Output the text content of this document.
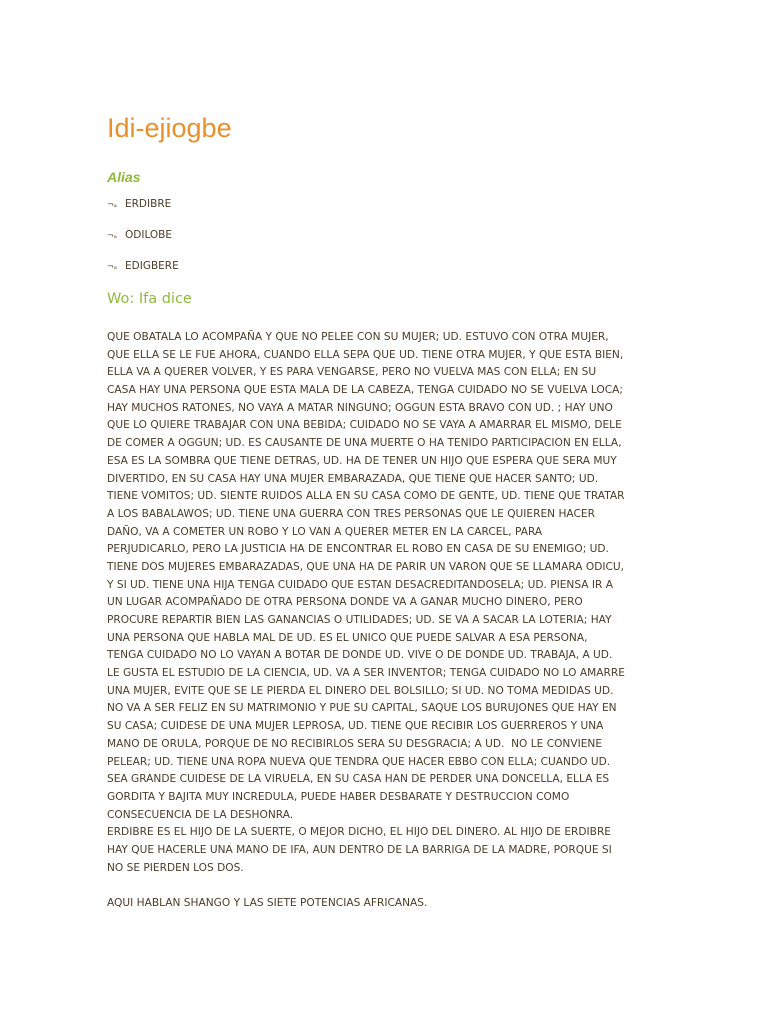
Idi-ejiogbe
Alias
¬ₐ ERDIBRE
¬ₐ ODILOBE
¬ₐ EDIGBERE
Wo: Ifa dice
QUE OBATALA LO ACOMPAÑA Y QUE NO PELEE CON SU MUJER; UD. ESTUVO CON OTRA MUJER,
QUE ELLA SE LE FUE AHORA, CUANDO ELLA SEPA QUE UD. TIENE OTRA MUJER, Y QUE ESTA BIEN,
ELLA VA A QUERER VOLVER, Y ES PARA VENGARSE, PERO NO VUELVA MAS CON ELLA; EN SU
CASA HAY UNA PERSONA QUE ESTA MALA DE LA CABEZA, TENGA CUIDADO NO SE VUELVA LOCA;
HAY MUCHOS RATONES, NO VAYA A MATAR NINGUNO; OGGUN ESTA BRAVO CON UD. ; HAY UNO
QUE LO QUIERE TRABAJAR CON UNA BEBIDA; CUIDADO NO SE VAYA A AMARRAR EL MISMO, DELE
DE COMER A OGGUN; UD. ES CAUSANTE DE UNA MUERTE O HA TENIDO PARTICIPACION EN ELLA,
ESA ES LA SOMBRA QUE TIENE DETRAS, UD. HA DE TENER UN HIJO QUE ESPERA QUE SERA MUY
DIVERTIDO, EN SU CASA HAY UNA MUJER EMBARAZADA, QUE TIENE QUE HACER SANTO; UD.
TIENE VOMITOS; UD. SIENTE RUIDOS ALLA EN SU CASA COMO DE GENTE, UD. TIENE QUE TRATAR
A LOS BABALAWOS; UD. TIENE UNA GUERRA CON TRES PERSONAS QUE LE QUIEREN HACER
DAÑO, VA A COMETER UN ROBO Y LO VAN A QUERER METER EN LA CARCEL, PARA
PERJUDICARLO, PERO LA JUSTICIA HA DE ENCONTRAR EL ROBO EN CASA DE SU ENEMIGO; UD.
TIENE DOS MUJERES EMBARAZADAS, QUE UNA HA DE PARIR UN VARON QUE SE LLAMARA ODICU,
Y SI UD. TIENE UNA HIJA TENGA CUIDADO QUE ESTAN DESACREDITANDOSELA; UD. PIENSA IR A
UN LUGAR ACOMPAÑADO DE OTRA PERSONA DONDE VA A GANAR MUCHO DINERO, PERO
PROCURE REPARTIR BIEN LAS GANANCIAS O UTILIDADES; UD. SE VA A SACAR LA LOTERIA; HAY
UNA PERSONA QUE HABLA MAL DE UD. ES EL UNICO QUE PUEDE SALVAR A ESA PERSONA,
TENGA CUIDADO NO LO VAYAN A BOTAR DE DONDE UD. VIVE O DE DONDE UD. TRABAJA, A UD.
LE GUSTA EL ESTUDIO DE LA CIENCIA, UD. VA A SER INVENTOR; TENGA CUIDADO NO LO AMARRE
UNA MUJER, EVITE QUE SE LE PIERDA EL DINERO DEL BOLSILLO; SI UD. NO TOMA MEDIDAS UD.
NO VA A SER FELIZ EN SU MATRIMONIO Y PUE SU CAPITAL, SAQUE LOS BURUJONES QUE HAY EN
SU CASA; CUIDESE DE UNA MUJER LEPROSA, UD. TIENE QUE RECIBIR LOS GUERREROS Y UNA
MANO DE ORULA, PORQUE DE NO RECIBIRLOS SERA SU DESGRACIA; A UD.  NO LE CONVIENE
PELEAR; UD. TIENE UNA ROPA NUEVA QUE TENDRA QUE HACER EBBO CON ELLA; CUANDO UD.
SEA GRANDE CUIDESE DE LA VIRUELA, EN SU CASA HAN DE PERDER UNA DONCELLA, ELLA ES
GORDITA Y BAJITA MUY INCREDULA, PUEDE HABER DESBARATE Y DESTRUCCION COMO
CONSECUENCIA DE LA DESHONRA.
ERDIBRE ES EL HIJO DE LA SUERTE, O MEJOR DICHO, EL HIJO DEL DINERO. AL HIJO DE ERDIBRE
HAY QUE HACERLE UNA MANO DE IFA, AUN DENTRO DE LA BARRIGA DE LA MADRE, PORQUE SI
NO SE PIERDEN LOS DOS.
AQUI HABLAN SHANGO Y LAS SIETE POTENCIAS AFRICANAS.
